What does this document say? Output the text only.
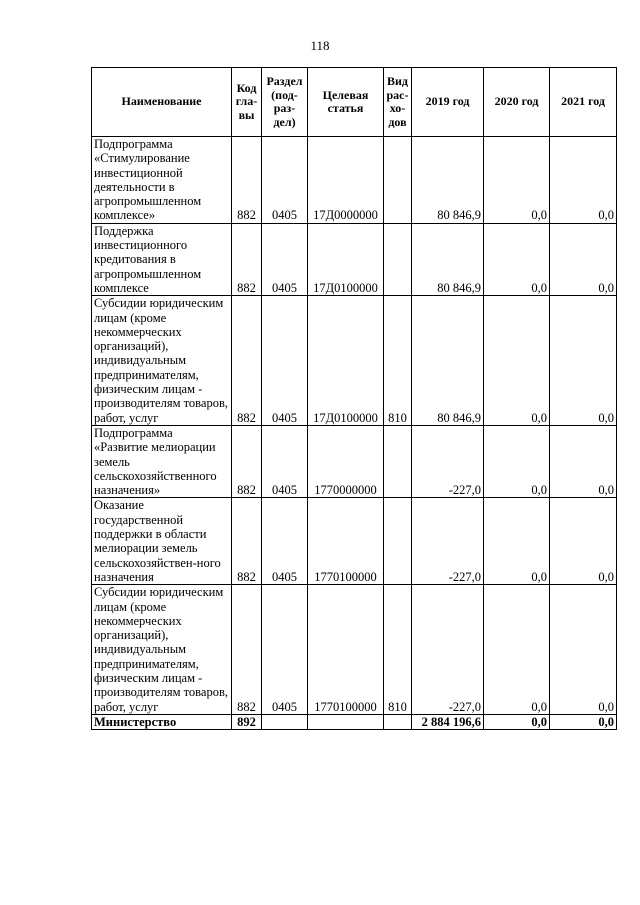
118
Наименование	Код гла-вы	Раздел (под-раз-дел)	Целевая статья	Вид рас-хо-дов	2019 год	2020 год	2021 год
Подпрограмма «Стимулирование инвестиционной деятельности в агропромышленном комплексе»	882	0405	17Д0000000		80 846,9	0,0	0,0
Поддержка инвестиционного кредитования в агропромышленном комплексе	882	0405	17Д0100000		80 846,9	0,0	0,0
Субсидии юридическим лицам (кроме некоммерческих организаций), индивидуальным предпринимателям, физическим лицам - производителям товаров, работ, услуг	882	0405	17Д0100000	810	80 846,9	0,0	0,0
Подпрограмма «Развитие мелиорации земель сельскохозяйственного назначения»	882	0405	1770000000		-227,0	0,0	0,0
Оказание государственной поддержки в области мелиорации земель сельскохозяйствен-ного назначения	882	0405	1770100000		-227,0	0,0	0,0
Субсидии юридическим лицам (кроме некоммерческих организаций), индивидуальным предпринимателям, физическим лицам - производителям товаров, работ, услуг	882	0405	1770100000	810	-227,0	0,0	0,0
Министерство	892				2 884 196,6	0,0	0,0
